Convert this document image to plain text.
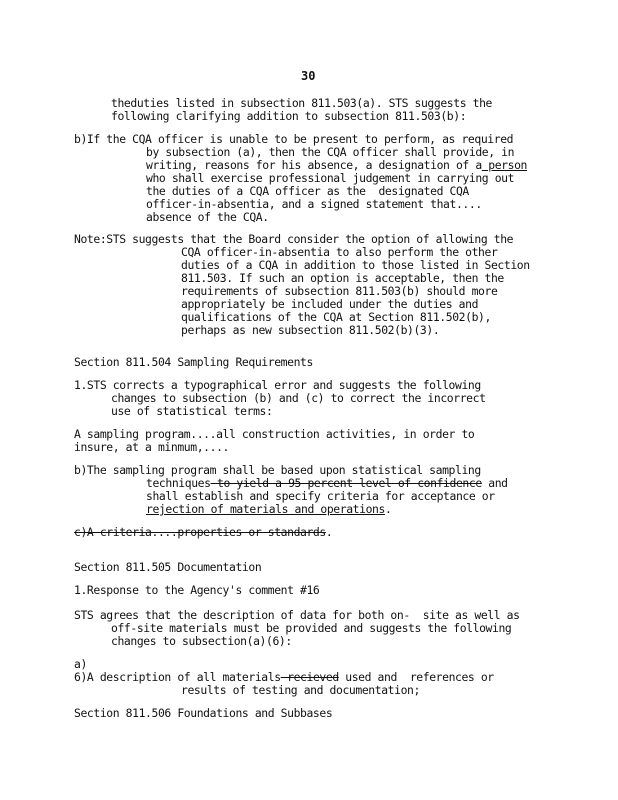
30
theduties listed in subsection 811.503(a). STS suggests the
following clarifying addition to subsection 811.503(b):
b)If the CQA officer is unable to be present to perform, as required
by subsection (a), then the CQA officer shall provide, in
writing, reasons for his absence, a designation of a person
who shall exercise professional judgement in carrying out
the duties of a CQA officer as the  designated CQA
officer-in-absentia, and a signed statement that....
absence of the CQA.
Note:STS suggests that the Board consider the option of allowing the
CQA officer-in-absentia to also perform the other
duties of a CQA in addition to those listed in Section
811.503. If such an option is acceptable, then the
requirements of subsection 811.503(b) should more
appropriately be included under the duties and
qualifications of the CQA at Section 811.502(b),
perhaps as new subsection 811.502(b)(3).
Section 811.504 Sampling Requirements
1.STS corrects a typographical error and suggests the following
changes to subsection (b) and (c) to correct the incorrect
use of statistical terms:
A sampling program....all construction activities, in order to
insure, at a minmum,....
b)The sampling program shall be based upon statistical sampling
techniques to yield a 95 percent level of confidence and
shall establish and specify criteria for acceptance or
rejection of materials and operations.
c)A criteria....properties or standards.
Section 811.505 Documentation
1.Response to the Agency's comment #16
STS agrees that the description of data for both on-  site as well as
off-site materials must be provided and suggests the following
changes to subsection(a)(6):
a)
6)A description of all materials recieved used and  references or
results of testing and documentation;
Section 811.506 Foundations and Subbases
